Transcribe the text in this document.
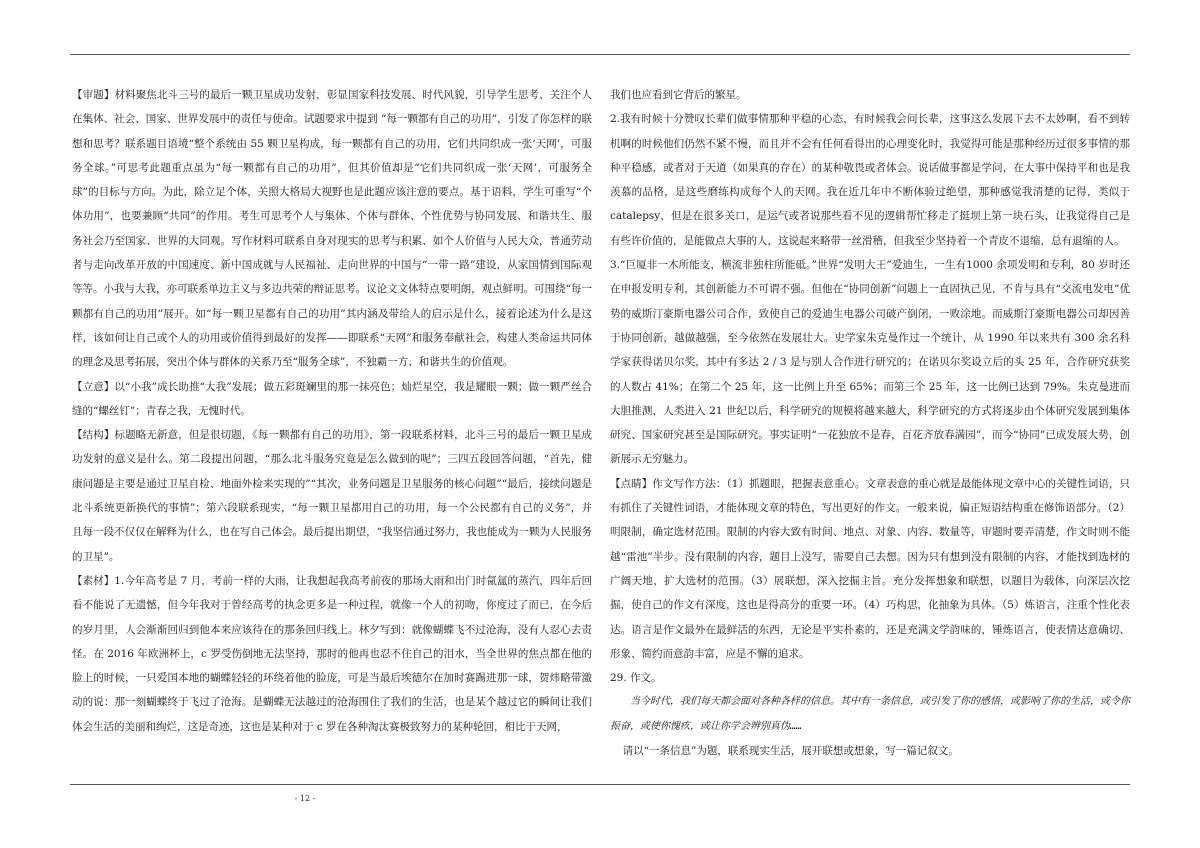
【审题】材料聚焦北斗三号的最后一颗卫星成功发射，彰显国家科技发展、时代风貌，引导学生思考、关注个人在集体、社会、国家、世界发展中的责任与使命。试题要求中提到 “每一颗都有自己的功用”，引发了你怎样的联想和思考？联系题目语境“整个系统由 55 颗卫星构成，每一颗都有自己的功用，它们共同织成一张‘天网’，可服务全球。”可思考此题重点虽为“每一颗都有自己的功用”，但其价值却是“它们共同织成一张‘天网’，可服务全球”的目标与方向。为此，除立足个体，关照大格局大视野也是此题应该注意的要点。基于语料，学生可重写“个体功用”，也要兼顾“共同”的作用。考生可思考个人与集体、个体与群体、个性优势与协同发展、和谐共生、服务社会乃至国家、世界的大同观。写作材料可联系自身对现实的思考与积累、如个人价值与人民大众，普通劳动者与走向改革开放的中国速度、新中国成就与人民福祉、走向世界的中国与“一带一路”建设，从家国情到国际观等等。小我与大我，亦可联系单边主义与多边共荣的辩证思考。议论文文体特点要明朗，观点鲜明。可围绕“每一颗都有自己的功用”展开。如“每一颗卫星都有自己的功用”其内涵及带给人的启示是什么，接着论述为什么是这样，该如何让自己或个人的功用或价值得到最好的发挥——即联系“天网”和服务奉献社会，构建人类命运共同体的理念及思考拓展，突出个体与群体的关系乃至“服务全球”，不独霸一方、和谐共生的价值观。

【立意】以“小我”成长助推“大我”发展；做五彩斑斓里的那一抹亮色；灿烂星空，我是耀眼一颗；做一颗严丝合缝的“螺丝钉”；青春之我，无愧时代。

【结构】标题略无新意，但是很切题，《每一颗都有自己的功用》，第一段联系材料，北斗三号的最后一颗卫星成功发射的意义是什么。第二段提出问题，“那么北斗服务究竟是怎么做到的呢”；三四五段回答问题，“首先，健康问题是主要是通过卫星自检、地面外检来实现的”“其次，业务问题是卫星服务的核心问题”“最后，接续问题是北斗系统更新换代的事情”；第六段联系现实，“每一颗卫星都用自己的功用，每一个公民都有自己的义务”，并且每一段不仅仅在解释为什么，也在写自己体会。最后提出期望，“我坚信通过努力，我也能成为一颗为人民服务的卫星”。

【素材】1.今年高考是 7 月，考前一样的大雨，让我想起我高考前夜的那场大雨和出门时氤氲的蒸汽，四年后回看不能说了无遗憾，但今年我对于曾经高考的执念更多是一种过程，就像一个人的初吻，你度过了而已，在今后的岁月里，人会渐渐回归到他本来应该待在的那条回归线上。林夕写到：就像蝴蝶飞不过沧海，没有人忍心去责怪。在 2016 年欧洲杯上，c 罗受伤倒地无法坚持，那时的他再也忍不住自己的泪水，当全世界的焦点都在他的脸上的时候，一只爱国本地的蝴蝶轻轻的环绕着他的脸庞，可是当最后埃德尔在加时赛踢进那一球，贺炜略带激动的说：那一刻蝴蝶终于飞过了沧海。是蝴蝶无法越过的沧海围住了我们的生活，也是某个越过它的瞬间让我们体会生活的美丽和绚烂，这是奇迹，这也是某种对于 c 罗在各种淘汰赛极致努力的某种轮回，相比于天网，

我们也应看到它背后的繁星。

2.我有时候十分赞叹长辈们做事情那种平稳的心态，有时候我会问长辈，这事这么发展下去不太妙啊，看不到转机啊的时候他们仍然不紧不慢，而且并不会有任何看得出的心理变化时，我觉得可能是那种经历过很多事情的那种平稳感，或者对于天道（如果真的存在）的某种敬畏或者体会。说话做事都是学问，在大事中保持平和也是我羡慕的品格，是这些磨练构成每个人的天网。我在近几年中不断体验过绝望，那种感觉我清楚的记得，类似于 catalepsy，但是在很多关口，是运气或者说那些看不见的逻辑帮忙移走了挺坝上第一块石头，让我觉得自己是有些许价值的，是能做点大事的人，这说起来略带一丝滑稽，但我至少坚持着一个青皮不退缩，总有退缩的人。

3.“巨厦非一木所能支，横流非独柱所能砥。”世界“发明大王”爱迪生，一生有1000 余项发明和专利，80 岁时还在申报发明专利，其创新能力不可谓不强。但他在“协同创新”问题上一直固执己见，不肯与具有“交流电发电”优势的威斯汀豪斯电器公司合作，致使自己的爱迪生电器公司破产倒闭，一败涂地。而威斯汀豪斯电器公司却因善于协同创新，越做越强，至今依然在发展壮大。史学家朱克曼作过一个统计，从 1990 年以来共有 300 余名科学家获得诺贝尔奖，其中有多达 2 / 3 是与别人合作进行研究的；在诺贝尔奖设立后的头 25 年，合作研究获奖的人数占 41%；在第二个 25 年，这一比例上升至 65%；而第三个 25 年，这一比例已达到 79%。朱克曼进而大胆推测，人类进入 21 世纪以后，科学研究的规模将越来越大，科学研究的方式将逐步由个体研究发展到集体研究、国家研究甚至是国际研究。事实证明“一花独放不是春，百花齐放春满园”，而今“协同”已成发展大势，创新展示无穷魅力。

【点睛】作文写作方法：（1）抓题眼，把握表意重心。文章表意的重心就是最能体现文章中心的关键性词语，只有抓住了关键性词语，才能体现文章的特色，写出更好的作文。一般来说，偏正短语结构重在修饰语部分。（2）明限制，确定选材范围。限制的内容大致有时间、地点、对象、内容、数量等，审题时要弄清楚，作文时则不能越“雷池”半步。没有限制的内容，题目上没写，需要自己去想。因为只有想到没有限制的内容，才能找到选材的广阔天地，扩大选材的范围。（3）展联想，深入挖掘主旨。充分发挥想象和联想，以题目为载体，向深层次挖掘，使自己的作文有深度，这也是得高分的重要一环。（4）巧构思，化抽象为具体。（5）炼语言，注重个性化表达。语言是作文最外在最鲜活的东西，无论是平实朴素的，还是充满文学韵味的，锤炼语言，使表情达意确切、形象、简约而意韵丰富，应是不懈的追求。

29. 作文。

当今时代，我们每天都会面对各种各样的信息。其中有一条信息，或引发了你的感悟，或影响了你的生活，或令你振奋，或使你愧疚，或让你学会辨别真伪……

请以“一条信息”为题，联系现实生活，展开联想或想象，写一篇记叙文。

- 12 -
